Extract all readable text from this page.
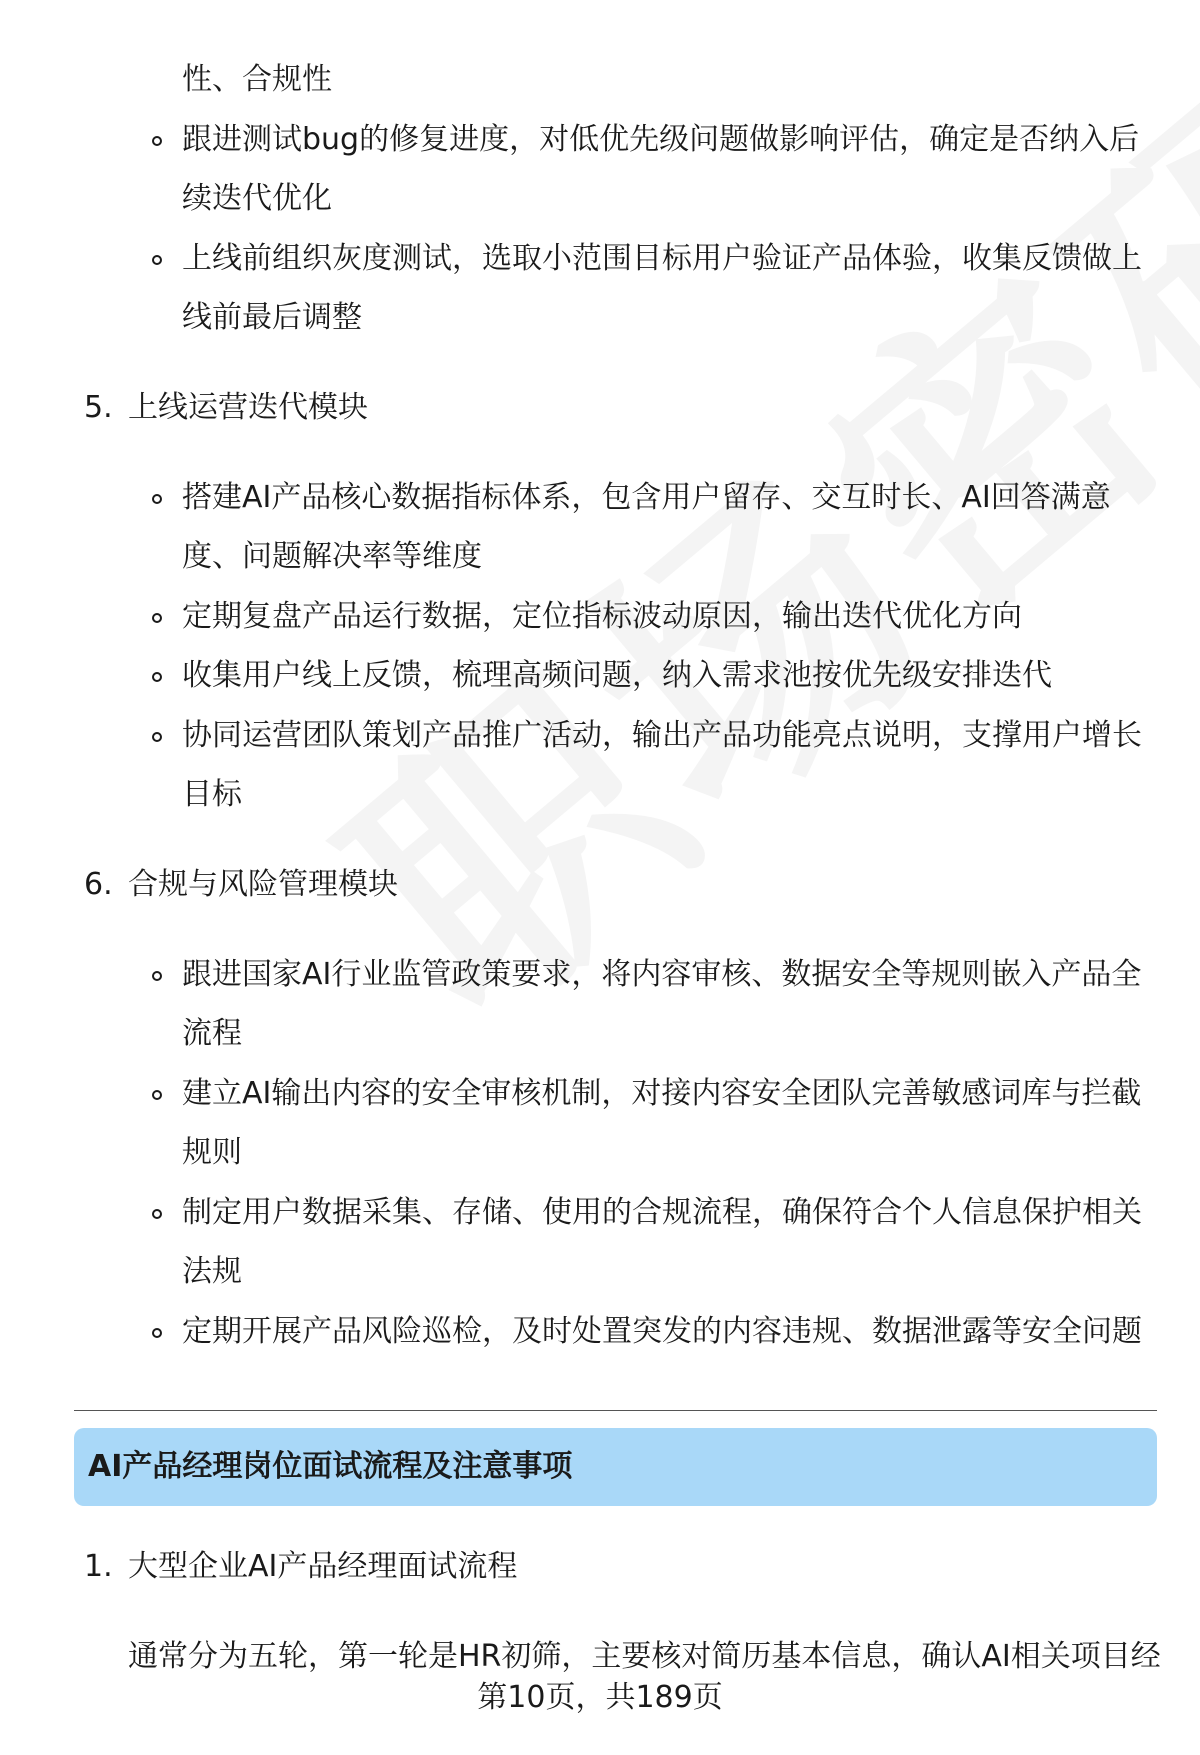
性、合规性
跟进测试bug的修复进度，对低优先级问题做影响评估，确定是否纳入后
续迭代优化
上线前组织灰度测试，选取小范围目标用户验证产品体验，收集反馈做上
线前最后调整
5. 上线运营迭代模块
搭建AI产品核心数据指标体系，包含用户留存、交互时长、AI回答满意
度、问题解决率等维度
定期复盘产品运行数据，定位指标波动原因，输出迭代优化方向
收集用户线上反馈，梳理高频问题，纳入需求池按优先级安排迭代
协同运营团队策划产品推广活动，输出产品功能亮点说明，支撑用户增长
目标
6. 合规与风险管理模块
跟进国家AI行业监管政策要求，将内容审核、数据安全等规则嵌入产品全
流程
建立AI输出内容的安全审核机制，对接内容安全团队完善敏感词库与拦截
规则
制定用户数据采集、存储、使用的合规流程，确保符合个人信息保护相关
法规
定期开展产品风险巡检，及时处置突发的内容违规、数据泄露等安全问题
AI产品经理岗位面试流程及注意事项
1. 大型企业AI产品经理面试流程
通常分为五轮，第一轮是HR初筛，主要核对简历基本信息，确认AI相关项目经
第10页，共189页
